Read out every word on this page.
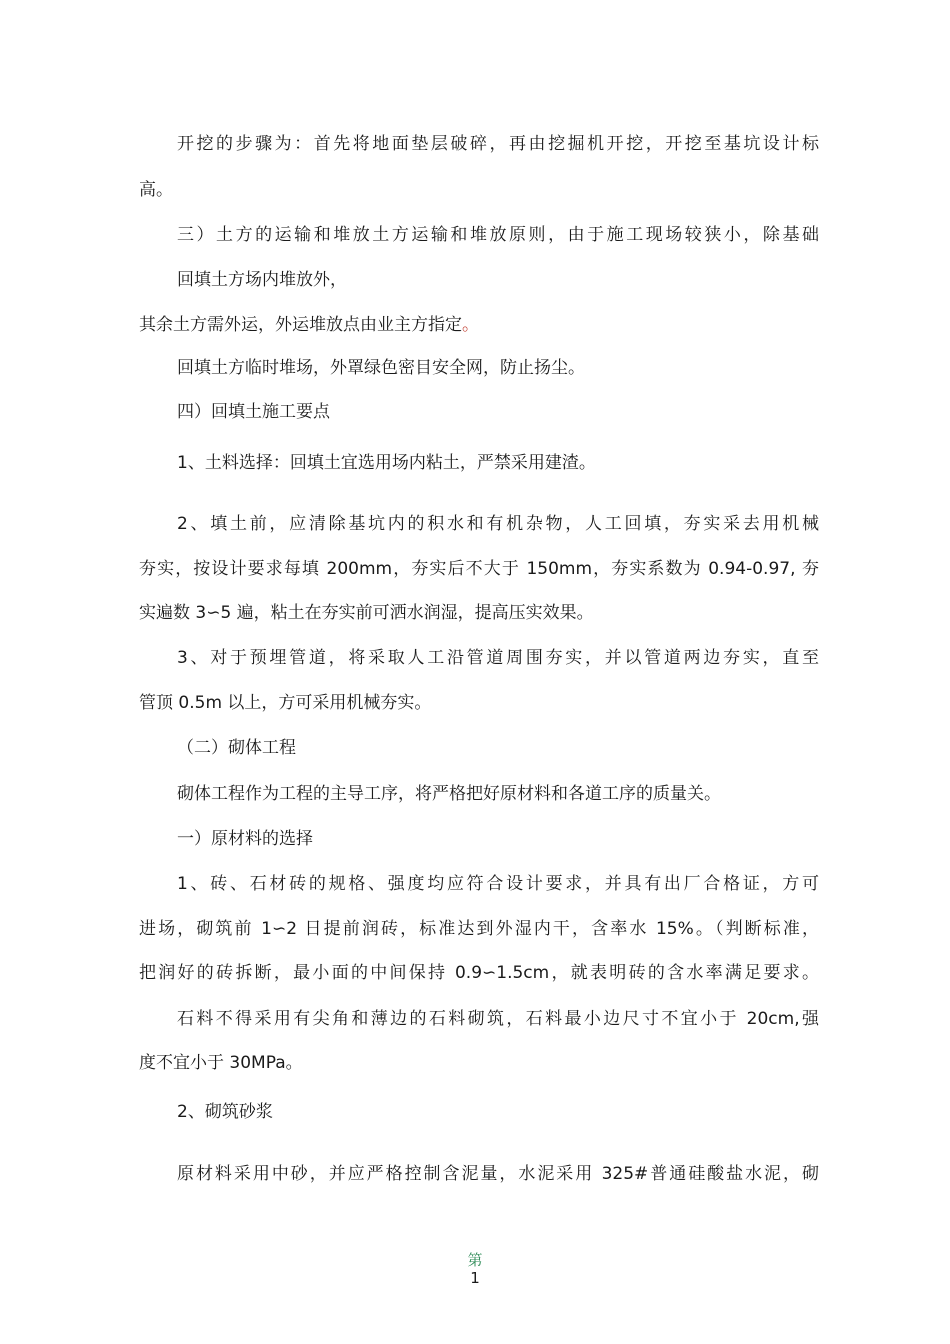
开挖的步骤为：首先将地面垫层破碎，再由挖掘机开挖，开挖至基坑设计标

高。

三）土方的运输和堆放土方运输和堆放原则，由于施工现场较狭小，除基础

回填土方场内堆放外，

其余土方需外运，外运堆放点由业主方指定。

回填土方临时堆场，外罩绿色密目安全网，防止扬尘。

四）回填土施工要点

1、土料选择：回填土宜选用场内粘土，严禁采用建渣。

2、填土前，应清除基坑内的积水和有机杂物，人工回填，夯实采去用机械

夯实，按设计要求每填 200mm，夯实后不大于 150mm，夯实系数为 0.94-0.97, 夯

实遍数 3∽5 遍，粘土在夯实前可洒水润湿，提高压实效果。

3、对于预埋管道，将采取人工沿管道周围夯实，并以管道两边夯实，直至

管顶 0.5m 以上，方可采用机械夯实。

（二）砌体工程

砌体工程作为工程的主导工序，将严格把好原材料和各道工序的质量关。

一）原材料的选择

1、砖、石材砖的规格、强度均应符合设计要求，并具有出厂合格证，方可

进场，砌筑前 1∽2 日提前润砖，标准达到外湿内干，含率水 15%。（判断标准，

把润好的砖拆断，最小面的中间保持 0.9∽1.5cm，就表明砖的含水率满足要求。

石料不得采用有尖角和薄边的石料砌筑，石料最小边尺寸不宜小于 20cm,强

度不宜小于 30MPa。

2、砌筑砂浆

原材料采用中砂，并应严格控制含泥量，水泥采用 325#普通硅酸盐水泥，砌

第
1
